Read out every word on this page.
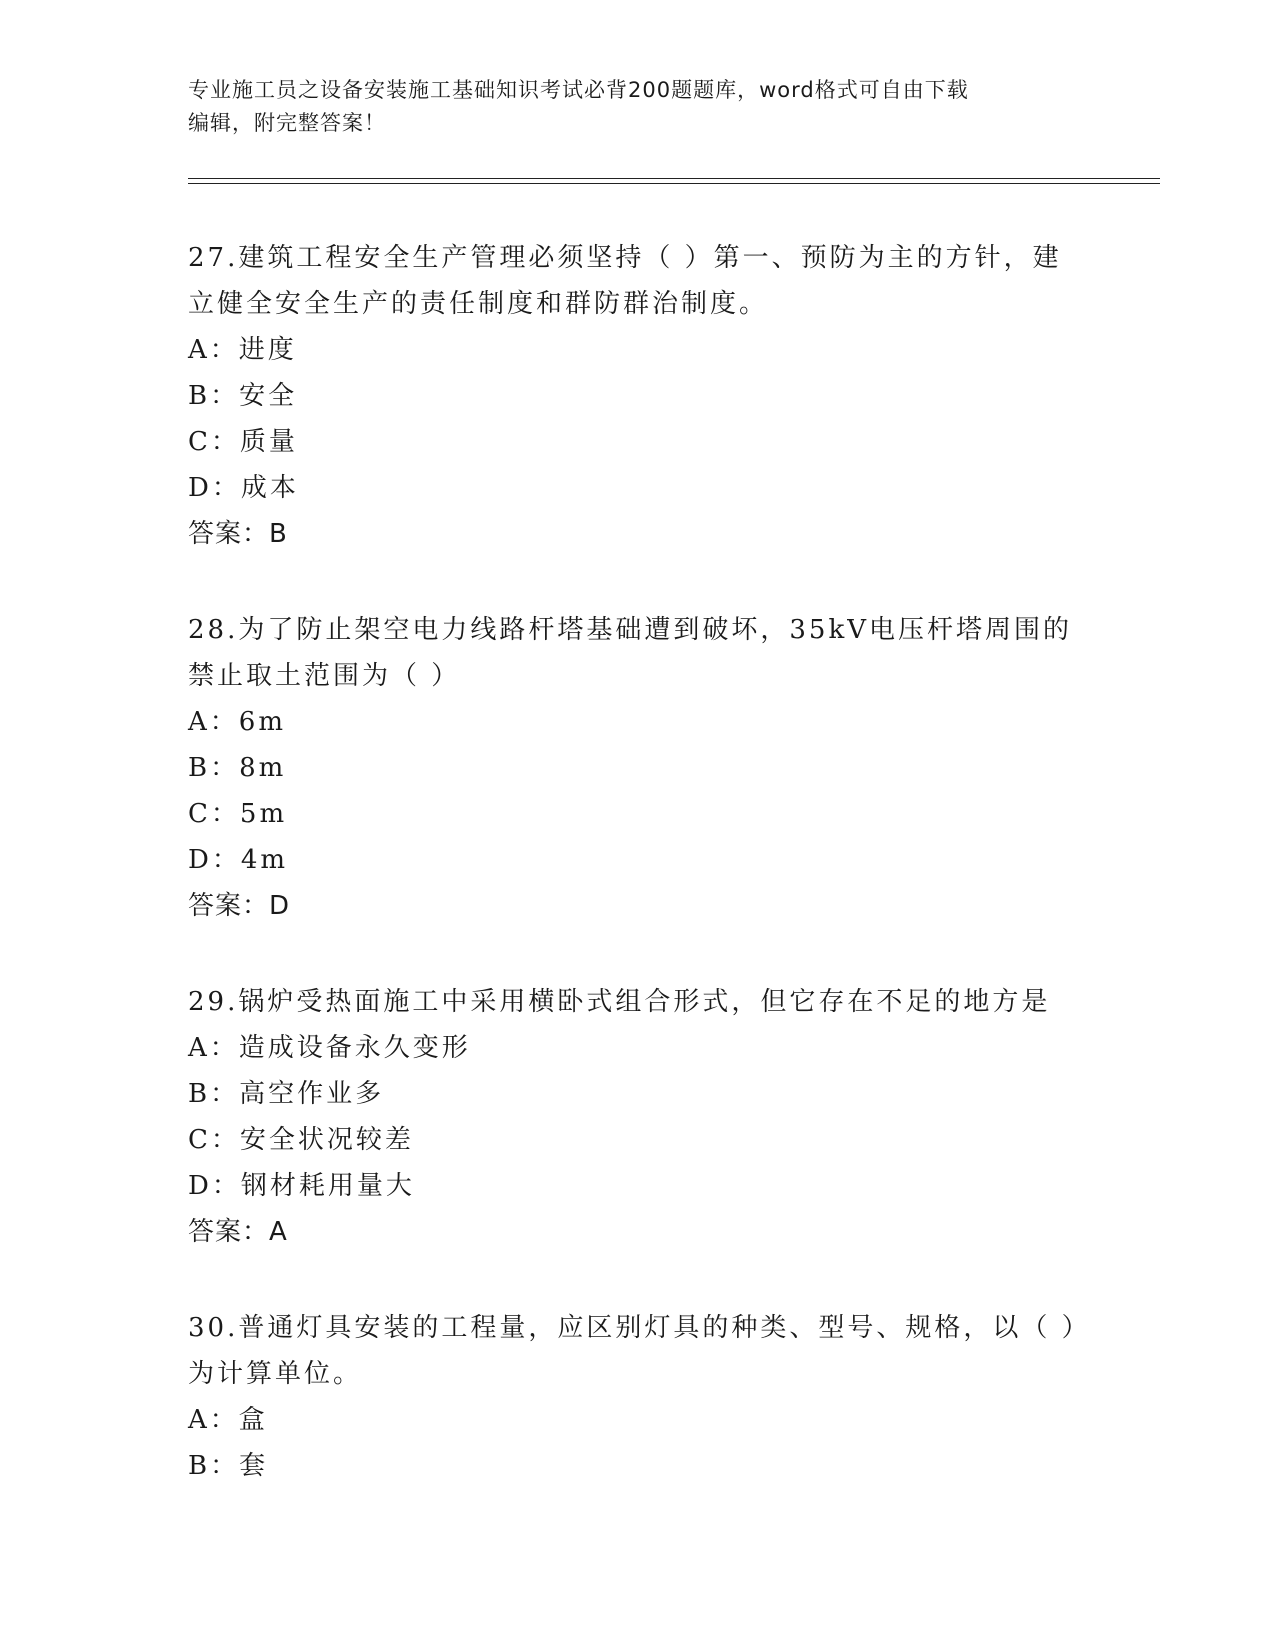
专业施工员之设备安装施工基础知识考试必背200题题库，word格式可自由下载
编辑，附完整答案！
27.建筑工程安全生产管理必须坚持（ ）第一、预防为主的方针，建立健全安全生产的责任制度和群防群治制度。
A：进度
B：安全
C：质量
D：成本
答案：B
28.为了防止架空电力线路杆塔基础遭到破坏，35kV电压杆塔周围的禁止取土范围为（ ）
A：6m
B：8m
C：5m
D：4m
答案：D
29.锅炉受热面施工中采用横卧式组合形式，但它存在不足的地方是
A：造成设备永久变形
B：高空作业多
C：安全状况较差
D：钢材耗用量大
答案：A
30.普通灯具安装的工程量，应区别灯具的种类、型号、规格，以（ ）为计算单位。
A：盒
B：套
